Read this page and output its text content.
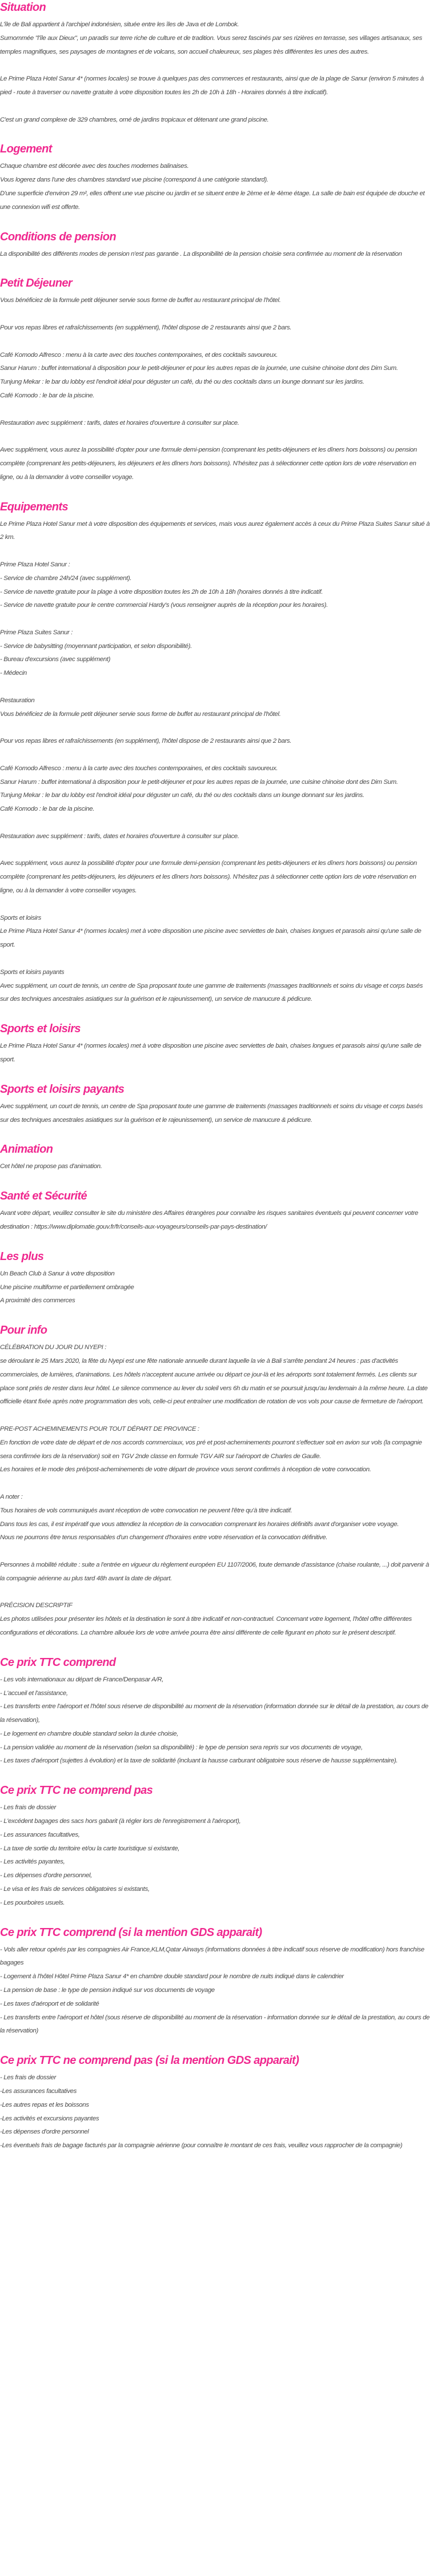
Situation
L'île de Bali appartient à l'archipel indonésien, située entre les îles de Java et de Lombok.
Surnommée "l'île aux Dieux", un paradis sur terre riche de culture et de tradition. Vous serez fascinés par ses rizières en terrasse, ses villages artisanaux, ses temples magnifiques, ses paysages de montagnes et de volcans, son accueil chaleureux, ses plages très différentes les unes des autres.
Le Prime Plaza Hotel Sanur 4* (normes locales) se trouve à quelques pas des commerces et restaurants, ainsi que de la plage de Sanur (environ 5 minutes à pied - route à traverser ou navette gratuite à votre disposition toutes les 2h de 10h à 18h - Horaires donnés à titre indicatif).
C'est un grand complexe de 329 chambres, orné de jardins tropicaux et détenant une grand piscine.
Logement
Chaque chambre est décorée avec des touches modernes balinaises.
Vous logerez dans l'une des chambres standard vue piscine (correspond à une catégorie standard).
D'une superficie d'environ 29 m², elles offrent une vue piscine ou jardin et se situent entre le 2ème et le 4ème étage. La salle de bain est équipée de douche et une connexion wifi est offerte.
Conditions de pension
La disponibilité des différents modes de pension n'est pas garantie . La disponibilité de la pension choisie sera confirmée au moment de la réservation
Petit Déjeuner
Vous bénéficiez de la formule petit déjeuner servie sous forme de buffet au restaurant principal de l'hôtel.
Pour vos repas libres et rafraîchissements (en supplément), l'hôtel dispose de 2 restaurants ainsi que 2 bars.
Café Komodo Alfresco : menu à la carte avec des touches contemporaines, et des cocktails savoureux.
Sanur Harum : buffet international à disposition pour le petit-déjeuner et pour les autres repas de la journée, une cuisine chinoise dont des Dim Sum.
Tunjung Mekar : le bar du lobby est l'endroit idéal pour déguster un café, du thé ou des cocktails dans un lounge donnant sur les jardins.
Café Komodo : le bar de la piscine.
Restauration avec supplément : tarifs, dates et horaires d'ouverture à consulter sur place.
Avec supplément, vous aurez la possibilité d'opter pour une formule demi-pension (comprenant les petits-déjeuners et les dîners hors boissons) ou pension complète (comprenant les petits-déjeuners, les déjeuners et les dîners hors boissons). N'hésitez pas à sélectionner cette option lors de votre réservation en ligne, ou à la demander à votre conseiller voyage.
Equipements
Le Prime Plaza Hotel Sanur met à votre disposition des équipements et services, mais vous aurez également accès à ceux du Prime Plaza Suites Sanur situé à 2 km.
Prime Plaza Hotel Sanur :
- Service de chambre 24h/24 (avec supplément).
- Service de navette gratuite pour la plage à votre disposition toutes les 2h de 10h à 18h (horaires donnés à titre indicatif.
- Service de navette gratuite pour le centre commercial Hardy's (vous renseigner auprès de la réception pour les horaires).
Prime Plaza Suites Sanur :
- Service de babysitting (moyennant participation, et selon disponibilité).
- Bureau d'excursions (avec supplément)
- Médecin
Restauration
Vous bénéficiez de la formule petit déjeuner servie sous forme de buffet au restaurant principal de l'hôtel.
Pour vos repas libres et rafraîchissements (en supplément), l'hôtel dispose de 2 restaurants ainsi que 2 bars.
Café Komodo Alfresco : menu à la carte avec des touches contemporaines, et des cocktails savoureux.
Sanur Harum : buffet international à disposition pour le petit-déjeuner et pour les autres repas de la journée, une cuisine chinoise dont des Dim Sum.
Tunjung Mekar : le bar du lobby est l'endroit idéal pour déguster un café, du thé ou des cocktails dans un lounge donnant sur les jardins.
Café Komodo : le bar de la piscine.
Restauration avec supplément : tarifs, dates et horaires d'ouverture à consulter sur place.
Avec supplément, vous aurez la possibilité d'opter pour une formule demi-pension (comprenant les petits-déjeuners et les dîners hors boissons) ou pension complète (comprenant les petits-déjeuners, les déjeuners et les dîners hors boissons). N'hésitez pas à sélectionner cette option lors de votre réservation en ligne, ou à la demander à votre conseiller voyages.
Sports et loisirs
Le Prime Plaza Hotel Sanur 4* (normes locales) met à votre disposition une piscine avec serviettes de bain, chaises longues et parasols ainsi qu'une salle de sport.
Sports et loisirs payants
Avec supplément, un court de tennis, un centre de Spa proposant toute une gamme de traitements (massages traditionnels et soins du visage et corps basés sur des techniques ancestrales asiatiques sur la guérison et le rajeunissement), un service de manucure & pédicure.
Sports et loisirs
Le Prime Plaza Hotel Sanur 4* (normes locales) met à votre disposition une piscine avec serviettes de bain, chaises longues et parasols ainsi qu'une salle de sport.
Sports et loisirs payants
Avec supplément, un court de tennis, un centre de Spa proposant toute une gamme de traitements (massages traditionnels et soins du visage et corps basés sur des techniques ancestrales asiatiques sur la guérison et le rajeunissement), un service de manucure & pédicure.
Animation
Cet hôtel ne propose pas d'animation.
Santé et Sécurité
Avant votre départ, veuillez consulter le site du ministère des Affaires étrangères pour connaître les risques sanitaires éventuels qui peuvent concerner votre destination : https://www.diplomatie.gouv.fr/fr/conseils-aux-voyageurs/conseils-par-pays-destination/
Les plus
Un Beach Club à Sanur à votre disposition
Une piscine multiforme et partiellement ombragée
A proximité des commerces
Pour info
CÉLÉBRATION DU JOUR DU NYEPI :
se déroulant le 25 Mars 2020, la fête du Nyepi est une fête nationale annuelle durant laquelle la vie à Bali s'arrête pendant 24 heures : pas d'activités commerciales, de lumières, d'animations. Les hôtels n'acceptent aucune arrivée ou départ ce jour-là et les aéroports sont totalement fermés. Les clients sur place sont priés de rester dans leur hôtel. Le silence commence au lever du soleil vers 6h du matin et se poursuit jusqu'au lendemain à la même heure. La date officielle étant fixée après notre programmation des vols, celle-ci peut entraîner une modification de rotation de vos vols pour cause de fermeture de l'aéroport.
PRE-POST ACHEMINEMENTS POUR TOUT DÉPART DE PROVINCE :
En fonction de votre date de départ et de nos accords commerciaux, vos pré et post-acheminements pourront s'effectuer soit en avion sur vols (la compagnie sera confirmée lors de la réservation) soit en TGV 2nde classe en formule TGV AIR sur l'aéroport de Charles de Gaulle.
Les horaires et le mode des pré/post-acheminements de votre départ de province vous seront confirmés à réception de votre convocation.
A noter :
Tous horaires de vols communiqués avant réception de votre convocation ne peuvent l'être qu'à titre indicatif.
Dans tous les cas, il est impératif que vous attendiez la réception de la convocation comprenant les horaires définitifs avant d'organiser votre voyage.
Nous ne pourrons être tenus responsables d'un changement d'horaires entre votre réservation et la convocation définitive.
Personnes à mobilité réduite : suite a l'entrée en vigueur du règlement européen EU 1107/2006, toute demande d'assistance (chaise roulante, ...) doit parvenir à la compagnie aérienne au plus tard 48h avant la date de départ.
PRÉCISION DESCRIPTIF
Les photos utilisées pour présenter les hôtels et la destination le sont à titre indicatif et non-contractuel. Concernant votre logement, l'hôtel offre différentes configurations et décorations. La chambre allouée lors de votre arrivée pourra être ainsi différente de celle figurant en photo sur le présent descriptif.
Ce prix TTC comprend
- Les vols internationaux au départ de France/Denpasar A/R,
- L'accueil et l'assistance,
- Les transferts entre l'aéroport et l'hôtel sous réserve de disponibilité au moment de la réservation (information donnée sur le détail de la prestation, au cours de la réservation),
- Le logement en chambre double standard selon la durée choisie,
- La pension validée au moment de la réservation (selon sa disponibilité) : le type de pension sera repris sur vos documents de voyage,
- Les taxes d'aéroport (sujettes à évolution) et la taxe de solidarité (incluant la hausse carburant obligatoire sous réserve de hausse supplémentaire).
Ce prix TTC ne comprend pas
- Les frais de dossier
- L'excédent bagages des sacs hors gabarit (à régler lors de l'enregistrement à l'aéroport),
- Les assurances facultatives,
- La taxe de sortie du territoire et/ou la carte touristique si existante,
- Les activités payantes,
- Les dépenses d'ordre personnel,
- Le visa et les frais de services obligatoires si existants,
- Les pourboires usuels.
Ce prix TTC comprend (si la mention GDS apparait)
- Vols aller retour opérés par les compagnies Air France,KLM,Qatar Airways (informations données à titre indicatif sous réserve de modification) hors franchise bagages
- Logement à l'hôtel Hôtel Prime Plaza Sanur 4* en chambre double standard pour le nombre de nuits indiqué dans le calendrier
- La pension de base : le type de pension indiqué sur vos documents de voyage
- Les taxes d'aéroport et de solidarité
- Les transferts entre l'aéroport et hôtel (sous réserve de disponibilité au moment de la réservation - information donnée sur le détail de la prestation, au cours de la réservation)
Ce prix TTC ne comprend pas (si la mention GDS apparait)
- Les frais de dossier
-Les assurances facultatives
-Les autres repas et les boissons
-Les activités et excursions payantes
-Les dépenses d'ordre personnel
-Les éventuels frais de bagage facturés par la compagnie aérienne (pour connaître le montant de ces frais, veuillez vous rapprocher de la compagnie)
